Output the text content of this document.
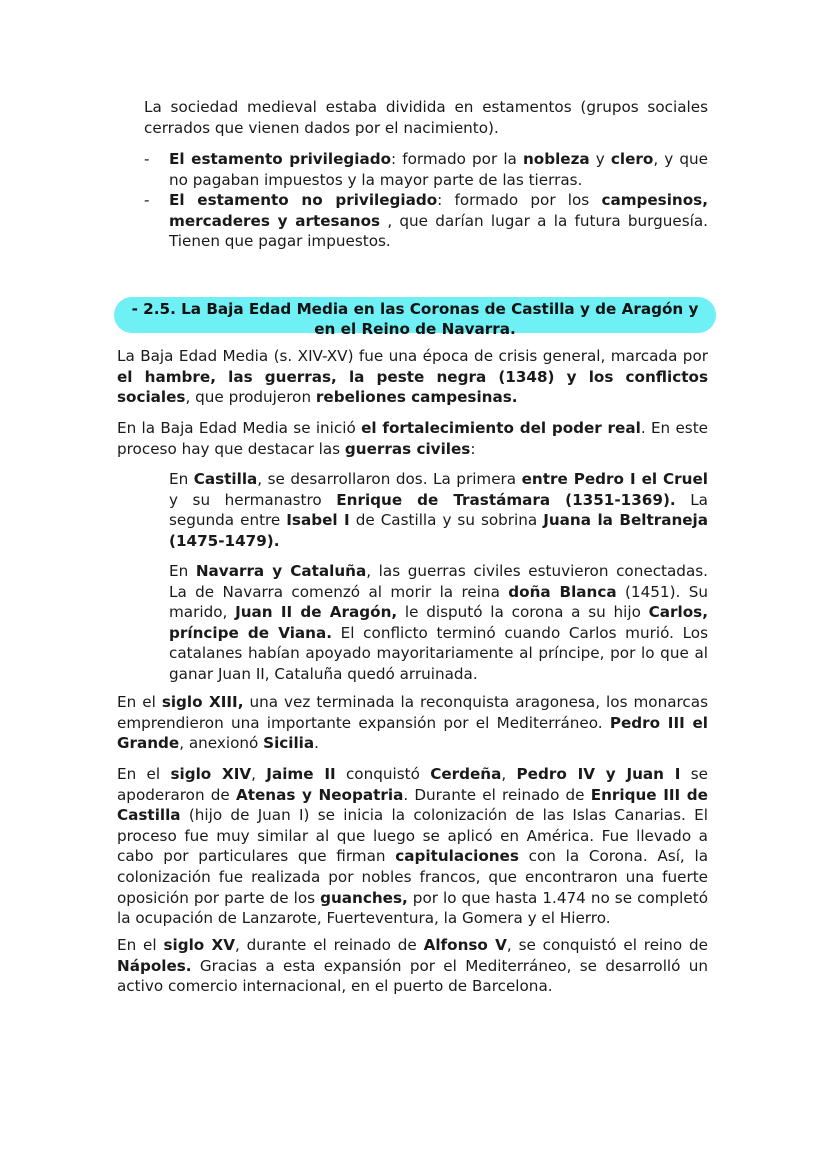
La sociedad medieval estaba dividida en estamentos (grupos sociales cerrados que vienen dados por el nacimiento).
- El estamento privilegiado: formado por la nobleza y clero, y que no pagaban impuestos y la mayor parte de las tierras.
- El estamento no privilegiado: formado por los campesinos, mercaderes y artesanos , que darían lugar a la futura burguesía. Tienen que pagar impuestos.
- 2.5. La Baja Edad Media en las Coronas de Castilla y de Aragón y
en el Reino de Navarra.
La Baja Edad Media (s. XIV-XV) fue una época de crisis general, marcada por el hambre, las guerras, la peste negra (1348) y los conflictos sociales, que produjeron rebeliones campesinas.
En la Baja Edad Media se inició el fortalecimiento del poder real. En este proceso hay que destacar las guerras civiles:
En Castilla, se desarrollaron dos. La primera entre Pedro I el Cruel y su hermanastro Enrique de Trastámara (1351-1369). La segunda entre Isabel I de Castilla y su sobrina Juana la Beltraneja (1475-1479).
En Navarra y Cataluña, las guerras civiles estuvieron conectadas. La de Navarra comenzó al morir la reina doña Blanca (1451). Su marido, Juan II de Aragón, le disputó la corona a su hijo Carlos, príncipe de Viana. El conflicto terminó cuando Carlos murió. Los catalanes habían apoyado mayoritariamente al príncipe, por lo que al ganar Juan II, Cataluña quedó arruinada.
En el siglo XIII, una vez terminada la reconquista aragonesa, los monarcas emprendieron una importante expansión por el Mediterráneo. Pedro III el Grande, anexionó Sicilia.
En el siglo XIV, Jaime II conquistó Cerdeña, Pedro IV y Juan I se apoderaron de Atenas y Neopatria. Durante el reinado de Enrique III de Castilla (hijo de Juan I) se inicia la colonización de las Islas Canarias. El proceso fue muy similar al que luego se aplicó en América. Fue llevado a cabo por particulares que firman capitulaciones con la Corona. Así, la colonización fue realizada por nobles francos, que encontraron una fuerte oposición por parte de los guanches, por lo que hasta 1.474 no se completó la ocupación de Lanzarote, Fuerteventura, la Gomera y el Hierro.
En el siglo XV, durante el reinado de Alfonso V, se conquistó el reino de Nápoles. Gracias a esta expansión por el Mediterráneo, se desarrolló un activo comercio internacional, en el puerto de Barcelona.
